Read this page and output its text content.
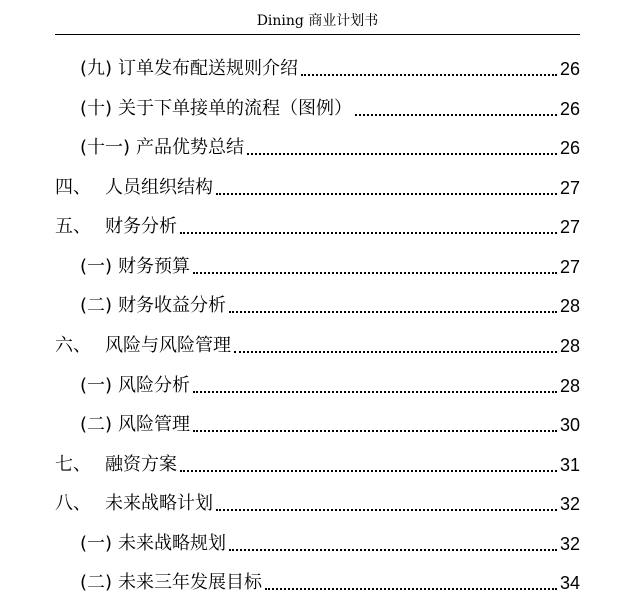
Dining 商业计划书
(九) 订单发布配送规则介绍	26
(十) 关于下单接单的流程（图例）	26
(十一) 产品优势总结	26
四、 人员组织结构	27
五、 财务分析	27
(一) 财务预算	27
(二) 财务收益分析	28
六、 风险与风险管理	28
(一) 风险分析	28
(二) 风险管理	30
七、 融资方案	31
八、 未来战略计划	32
(一) 未来战略规划	32
(二) 未来三年发展目标	34
